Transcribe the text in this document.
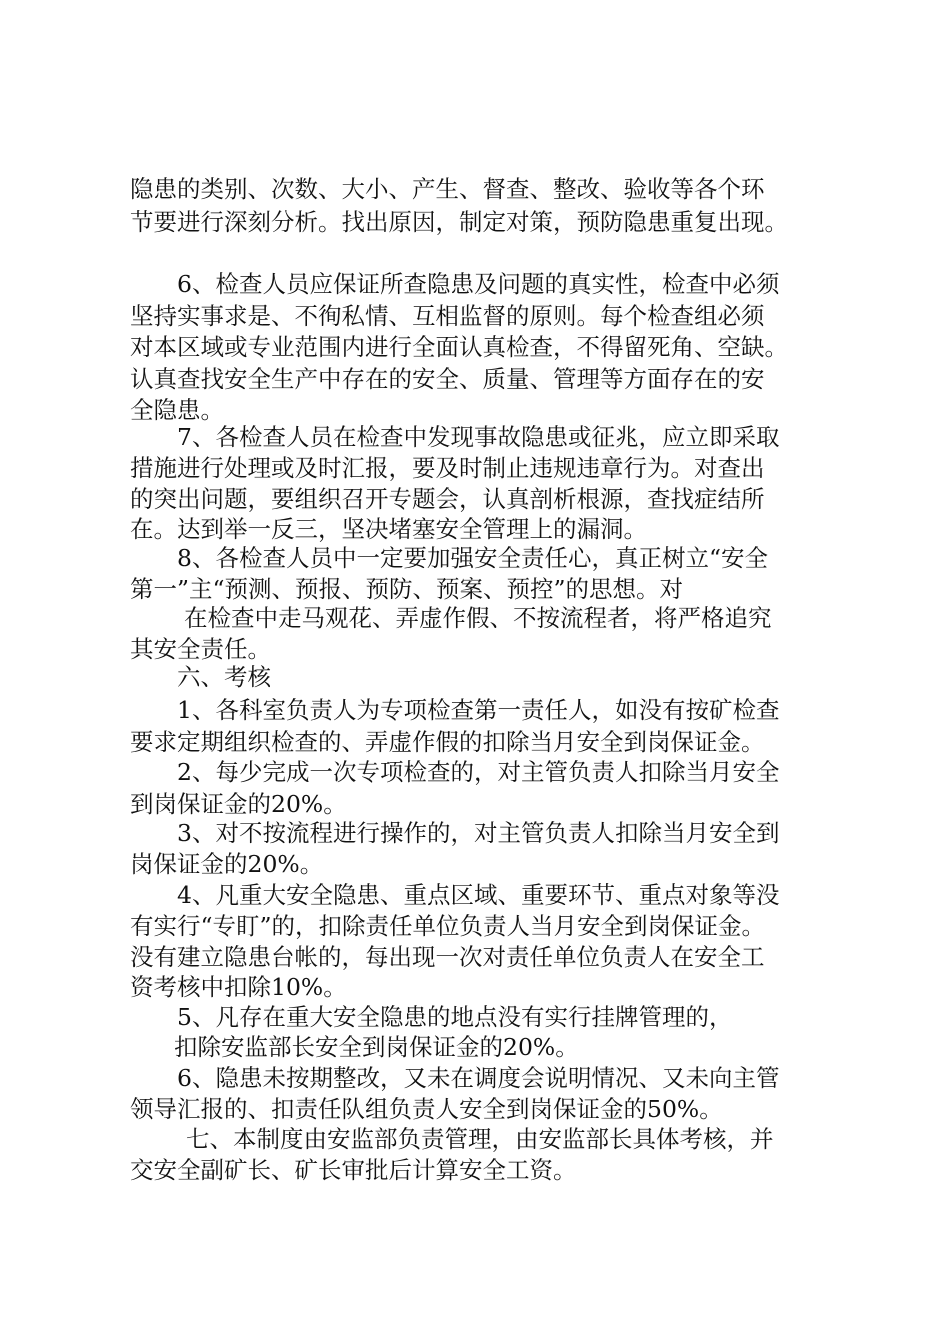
隐患的类别、次数、大小、产生、督查、整改、验收等各个环

节要进行深刻分析。找出原因，制定对策，预防隐患重复出现。

6、检查人员应保证所查隐患及问题的真实性，检查中必须

坚持实事求是、不徇私情、互相监督的原则。每个检查组必须

对本区域或专业范围内进行全面认真检查，不得留死角、空缺。

认真查找安全生产中存在的安全、质量、管理等方面存在的安

全隐患。

7、各检查人员在检查中发现事故隐患或征兆，应立即采取

措施进行处理或及时汇报，要及时制止违规违章行为。对查出

的突出问题，要组织召开专题会，认真剖析根源，查找症结所

在。达到举一反三，坚决堵塞安全管理上的漏洞。

8、各检查人员中一定要加强安全责任心，真正树立“安全

第一”主“预测、预报、预防、预案、预控”的思想。对

在检查中走马观花、弄虚作假、不按流程者，将严格追究

其安全责任。

六、考核

1、各科室负责人为专项检查第一责任人，如没有按矿检查

要求定期组织检查的、弄虚作假的扣除当月安全到岗保证金。

2、每少完成一次专项检查的，对主管负责人扣除当月安全

到岗保证金的20%。

3、对不按流程进行操作的，对主管负责人扣除当月安全到

岗保证金的20%。

4、凡重大安全隐患、重点区域、重要环节、重点对象等没

有实行“专盯”的，扣除责任单位负责人当月安全到岗保证金。

没有建立隐患台帐的，每出现一次对责任单位负责人在安全工

资考核中扣除10%。

5、凡存在重大安全隐患的地点没有实行挂牌管理的，

扣除安监部长安全到岗保证金的20%。

6、隐患未按期整改，又未在调度会说明情况、又未向主管

领导汇报的、扣责任队组负责人安全到岗保证金的50%。

七、本制度由安监部负责管理，由安监部长具体考核，并

交安全副矿长、矿长审批后计算安全工资。
